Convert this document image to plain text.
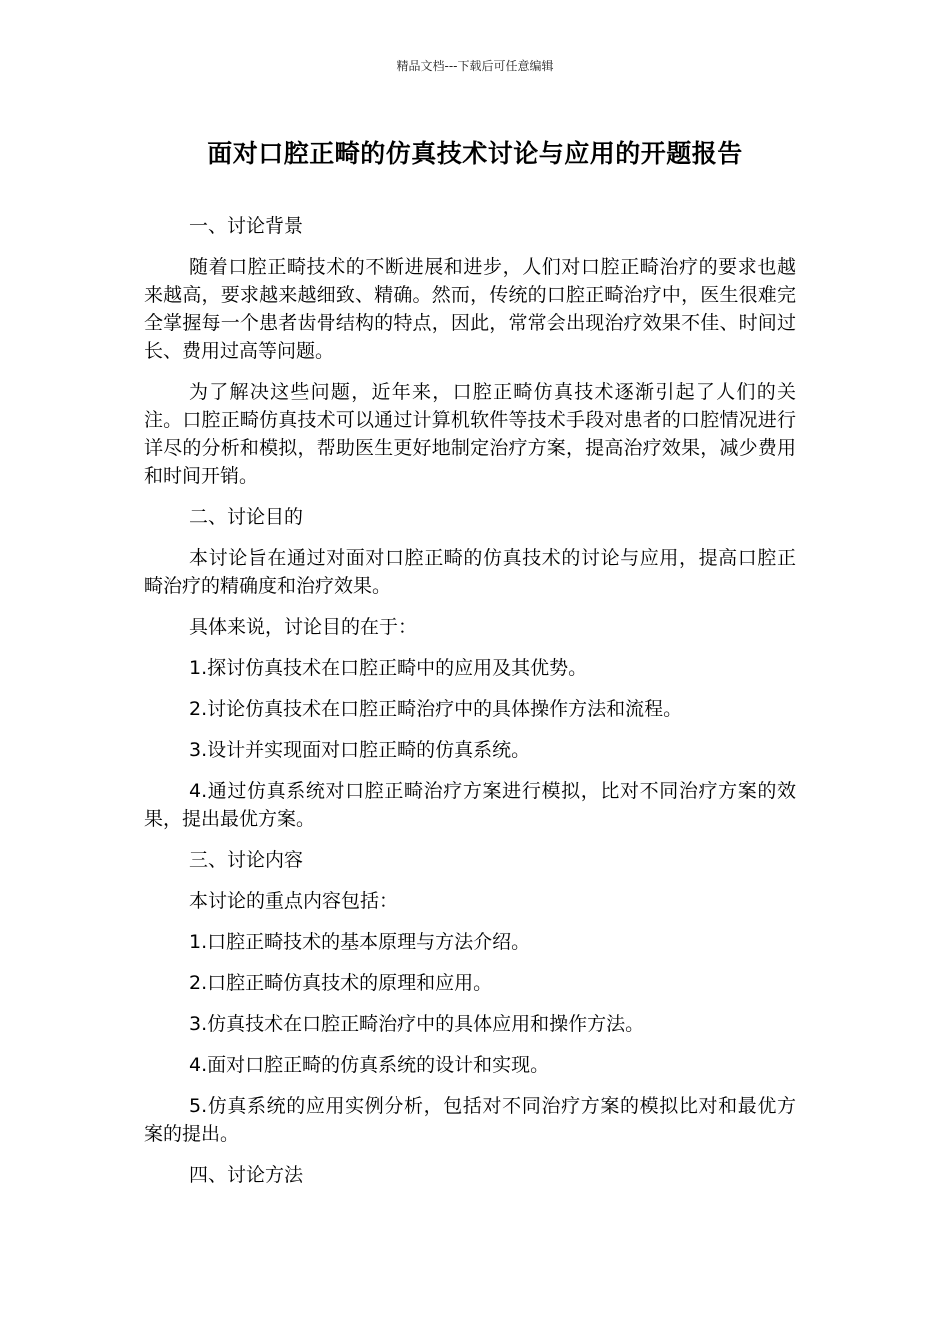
精品文档---下载后可任意编辑
面对口腔正畸的仿真技术讨论与应用的开题报告

一、讨论背景

随着口腔正畸技术的不断进展和进步，人们对口腔正畸治疗的要求也越来越高，要求越来越细致、精确。然而，传统的口腔正畸治疗中，医生很难完全掌握每一个患者齿骨结构的特点，因此，常常会出现治疗效果不佳、时间过长、费用过高等问题。

为了解决这些问题，近年来，口腔正畸仿真技术逐渐引起了人们的关注。口腔正畸仿真技术可以通过计算机软件等技术手段对患者的口腔情况进行详尽的分析和模拟，帮助医生更好地制定治疗方案，提高治疗效果，减少费用和时间开销。

二、讨论目的

本讨论旨在通过对面对口腔正畸的仿真技术的讨论与应用，提高口腔正畸治疗的精确度和治疗效果。

具体来说，讨论目的在于：

1.探讨仿真技术在口腔正畸中的应用及其优势。

2.讨论仿真技术在口腔正畸治疗中的具体操作方法和流程。

3.设计并实现面对口腔正畸的仿真系统。

4.通过仿真系统对口腔正畸治疗方案进行模拟，比对不同治疗方案的效果，提出最优方案。

三、讨论内容

本讨论的重点内容包括：

1.口腔正畸技术的基本原理与方法介绍。

2.口腔正畸仿真技术的原理和应用。

3.仿真技术在口腔正畸治疗中的具体应用和操作方法。

4.面对口腔正畸的仿真系统的设计和实现。

5.仿真系统的应用实例分析，包括对不同治疗方案的模拟比对和最优方案的提出。

四、讨论方法
